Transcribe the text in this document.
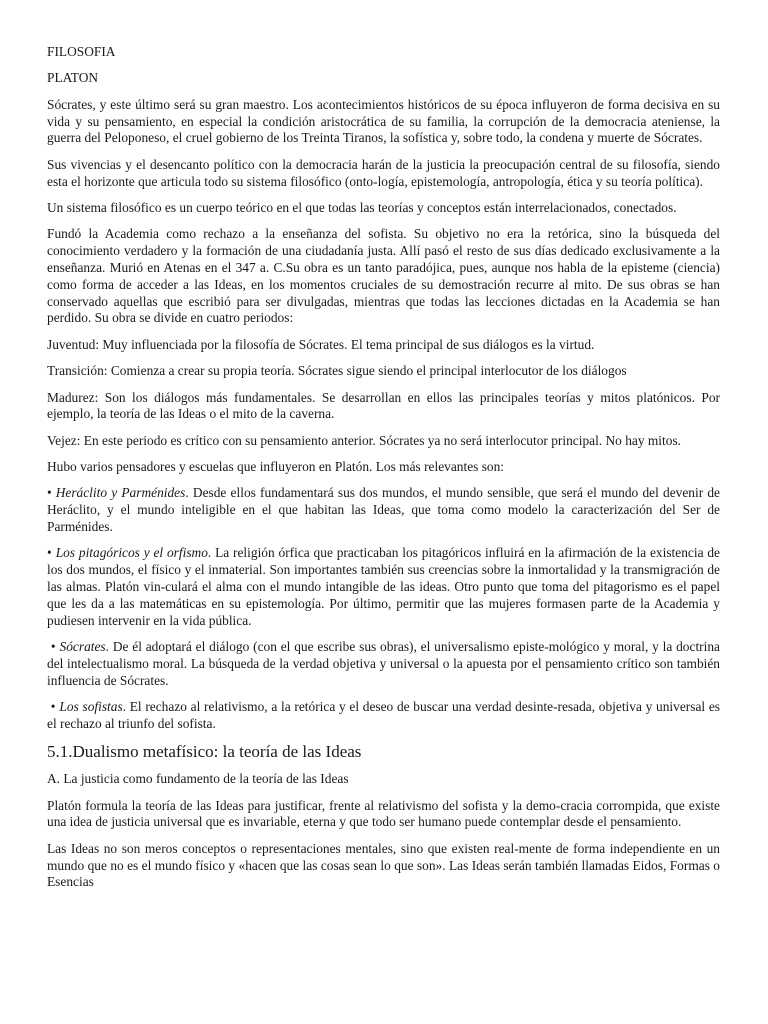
FILOSOFIA

PLATON

Sócrates, y este último será su gran maestro. Los acontecimientos históricos de su época influyeron de forma decisiva en su vida y su pensamiento, en especial la condición aristocrática de su familia, la corrupción de la democracia ateniense, la guerra del Peloponeso, el cruel gobierno de los Treinta Tiranos, la sofística y, sobre todo, la condena y muerte de Sócrates.

Sus vivencias y el desencanto político con la democracia harán de la justicia la preocupación central de su filosofía, siendo esta el horizonte que articula todo su sistema filosófico (onto-logía, epistemología, antropología, ética y su teoría política).

Un sistema filosófico es un cuerpo teórico en el que todas las teorías y conceptos están interrelacionados, conectados.

Fundó la Academia como rechazo a la enseñanza del sofista. Su objetivo no era la retórica, sino la búsqueda del conocimiento verdadero y la formación de una ciudadanía justa. Allí pasó el resto de sus días dedicado exclusivamente a la enseñanza. Murió en Atenas en el 347 a. C.Su obra es un tanto paradójica, pues, aunque nos habla de la episteme (ciencia) como forma de acceder a las Ideas, en los momentos cruciales de su demostración recurre al mito. De sus obras se han conservado aquellas que escribió para ser divulgadas, mientras que todas las lecciones dictadas en la Academia se han perdido. Su obra se divide en cuatro periodos:

Juventud: Muy influenciada por la filosofía de Sócrates. El tema principal de sus diálogos es la virtud.

Transición: Comienza a crear su propia teoría. Sócrates sigue siendo el principal interlocutor de los diálogos

Madurez: Son los diálogos más fundamentales. Se desarrollan en ellos las principales teorías y mitos platónicos. Por ejemplo, la teoría de las Ideas o el mito de la caverna.

Vejez: En este periodo es crítico con su pensamiento anterior. Sócrates ya no será interlocutor principal. No hay mitos.

Hubo varios pensadores y escuelas que influyeron en Platón. Los más relevantes son:

• Heráclito y Parménides. Desde ellos fundamentará sus dos mundos, el mundo sensible, que será el mundo del devenir de Heráclito, y el mundo inteligible en el que habitan las Ideas, que toma como modelo la caracterización del Ser de Parménides.

• Los pitagóricos y el orfismo. La religión órfica que practicaban los pitagóricos influirá en la afirmación de la existencia de los dos mundos, el físico y el inmaterial. Son importantes también sus creencias sobre la inmortalidad y la transmigración de las almas. Platón vin-culará el alma con el mundo intangible de las ideas. Otro punto que toma del pitagorismo es el papel que les da a las matemáticas en su epistemología. Por último, permitir que las mujeres formasen parte de la Academia y pudiesen intervenir en la vida pública.

• Sócrates. De él adoptará el diálogo (con el que escribe sus obras), el universalismo episte-mológico y moral, y la doctrina del intelectualismo moral. La búsqueda de la verdad objetiva y universal o la apuesta por el pensamiento crítico son también influencia de Sócrates.

• Los sofistas. El rechazo al relativismo, a la retórica y el deseo de buscar una verdad desinte-resada, objetiva y universal es el rechazo al triunfo del sofista.

5.1.Dualismo metafísico: la teoría de las Ideas

A. La justicia como fundamento de la teoría de las Ideas

Platón formula la teoría de las Ideas para justificar, frente al relativismo del sofista y la demo-cracia corrompida, que existe una idea de justicia universal que es invariable, eterna y que todo ser humano puede contemplar desde el pensamiento.

Las Ideas no son meros conceptos o representaciones mentales, sino que existen real-mente de forma independiente en un mundo que no es el mundo físico y «hacen que las cosas sean lo que son». Las Ideas serán también llamadas Eidos, Formas o Esencias
